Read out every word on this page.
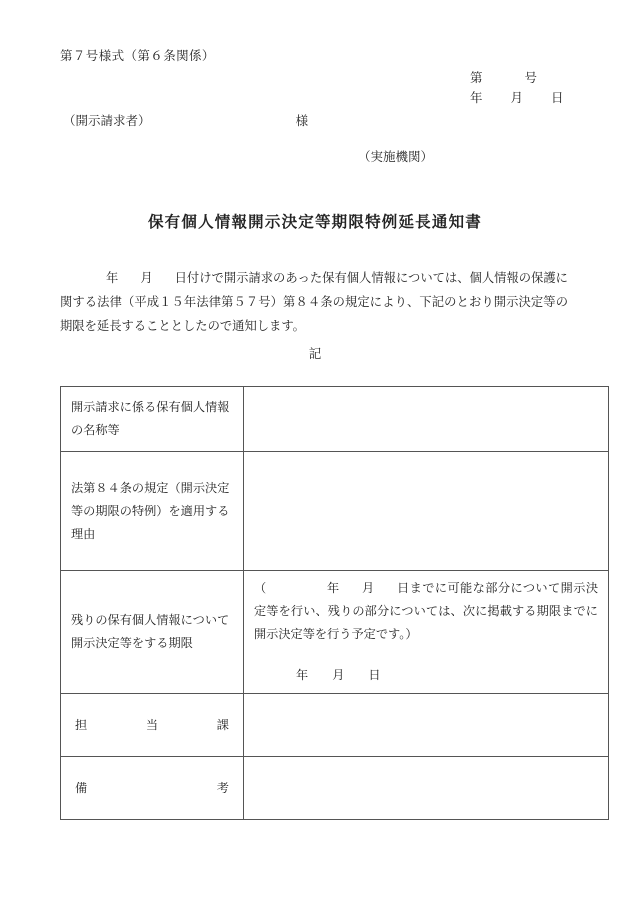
第７号様式（第６条関係）
第	号
年 月 日
（開示請求者）	様
（実施機関）
保有個人情報開示決定等期限特例延長通知書
年 月 日付けで開示請求のあった保有個人情報については、個人情報の保護に関する法律（平成１５年法律第５７号）第８４条の規定により、下記のとおり開示決定等の期限を延長することとしたので通知します。
記
開示請求に係る保有個人情報の名称等	
法第８４条の規定（開示決定等の期限の特例）を適用する理由	
残りの保有個人情報について開示決定等をする期限	（ 年 月 日までに可能な部分について開示決定等を行い、残りの部分については、次に掲載する期限までに開示決定等を行う予定です。）
年 月 日

担当課	

備考	
